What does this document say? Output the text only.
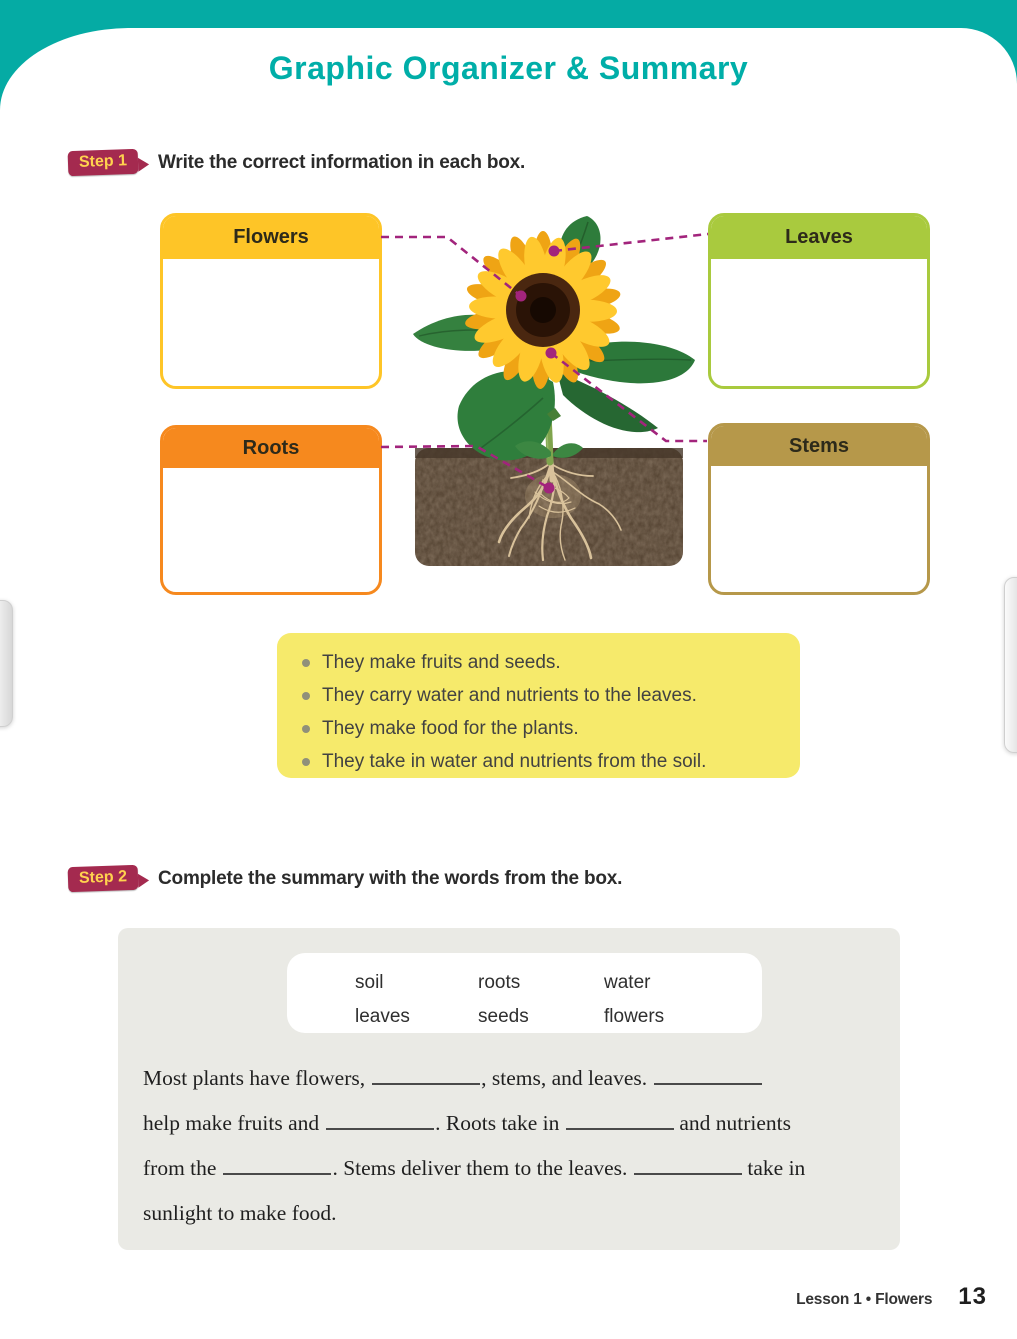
Graphic Organizer & Summary
Step 1	Write the correct information in each box.
Flowers	Leaves
Roots	Stems
They make fruits and seeds.
They carry water and nutrients to the leaves.
They make food for the plants.
They take in water and nutrients from the soil.
Step 2	Complete the summary with the words from the box.
soil	roots	water
leaves	seeds	flowers
Most plants have flowers,	, stems, and leaves.
help make fruits and	. Roots take in	and nutrients
from the	. Stems deliver them to the leaves.	take in
sunlight to make food.
Lesson 1 • Flowers 13
